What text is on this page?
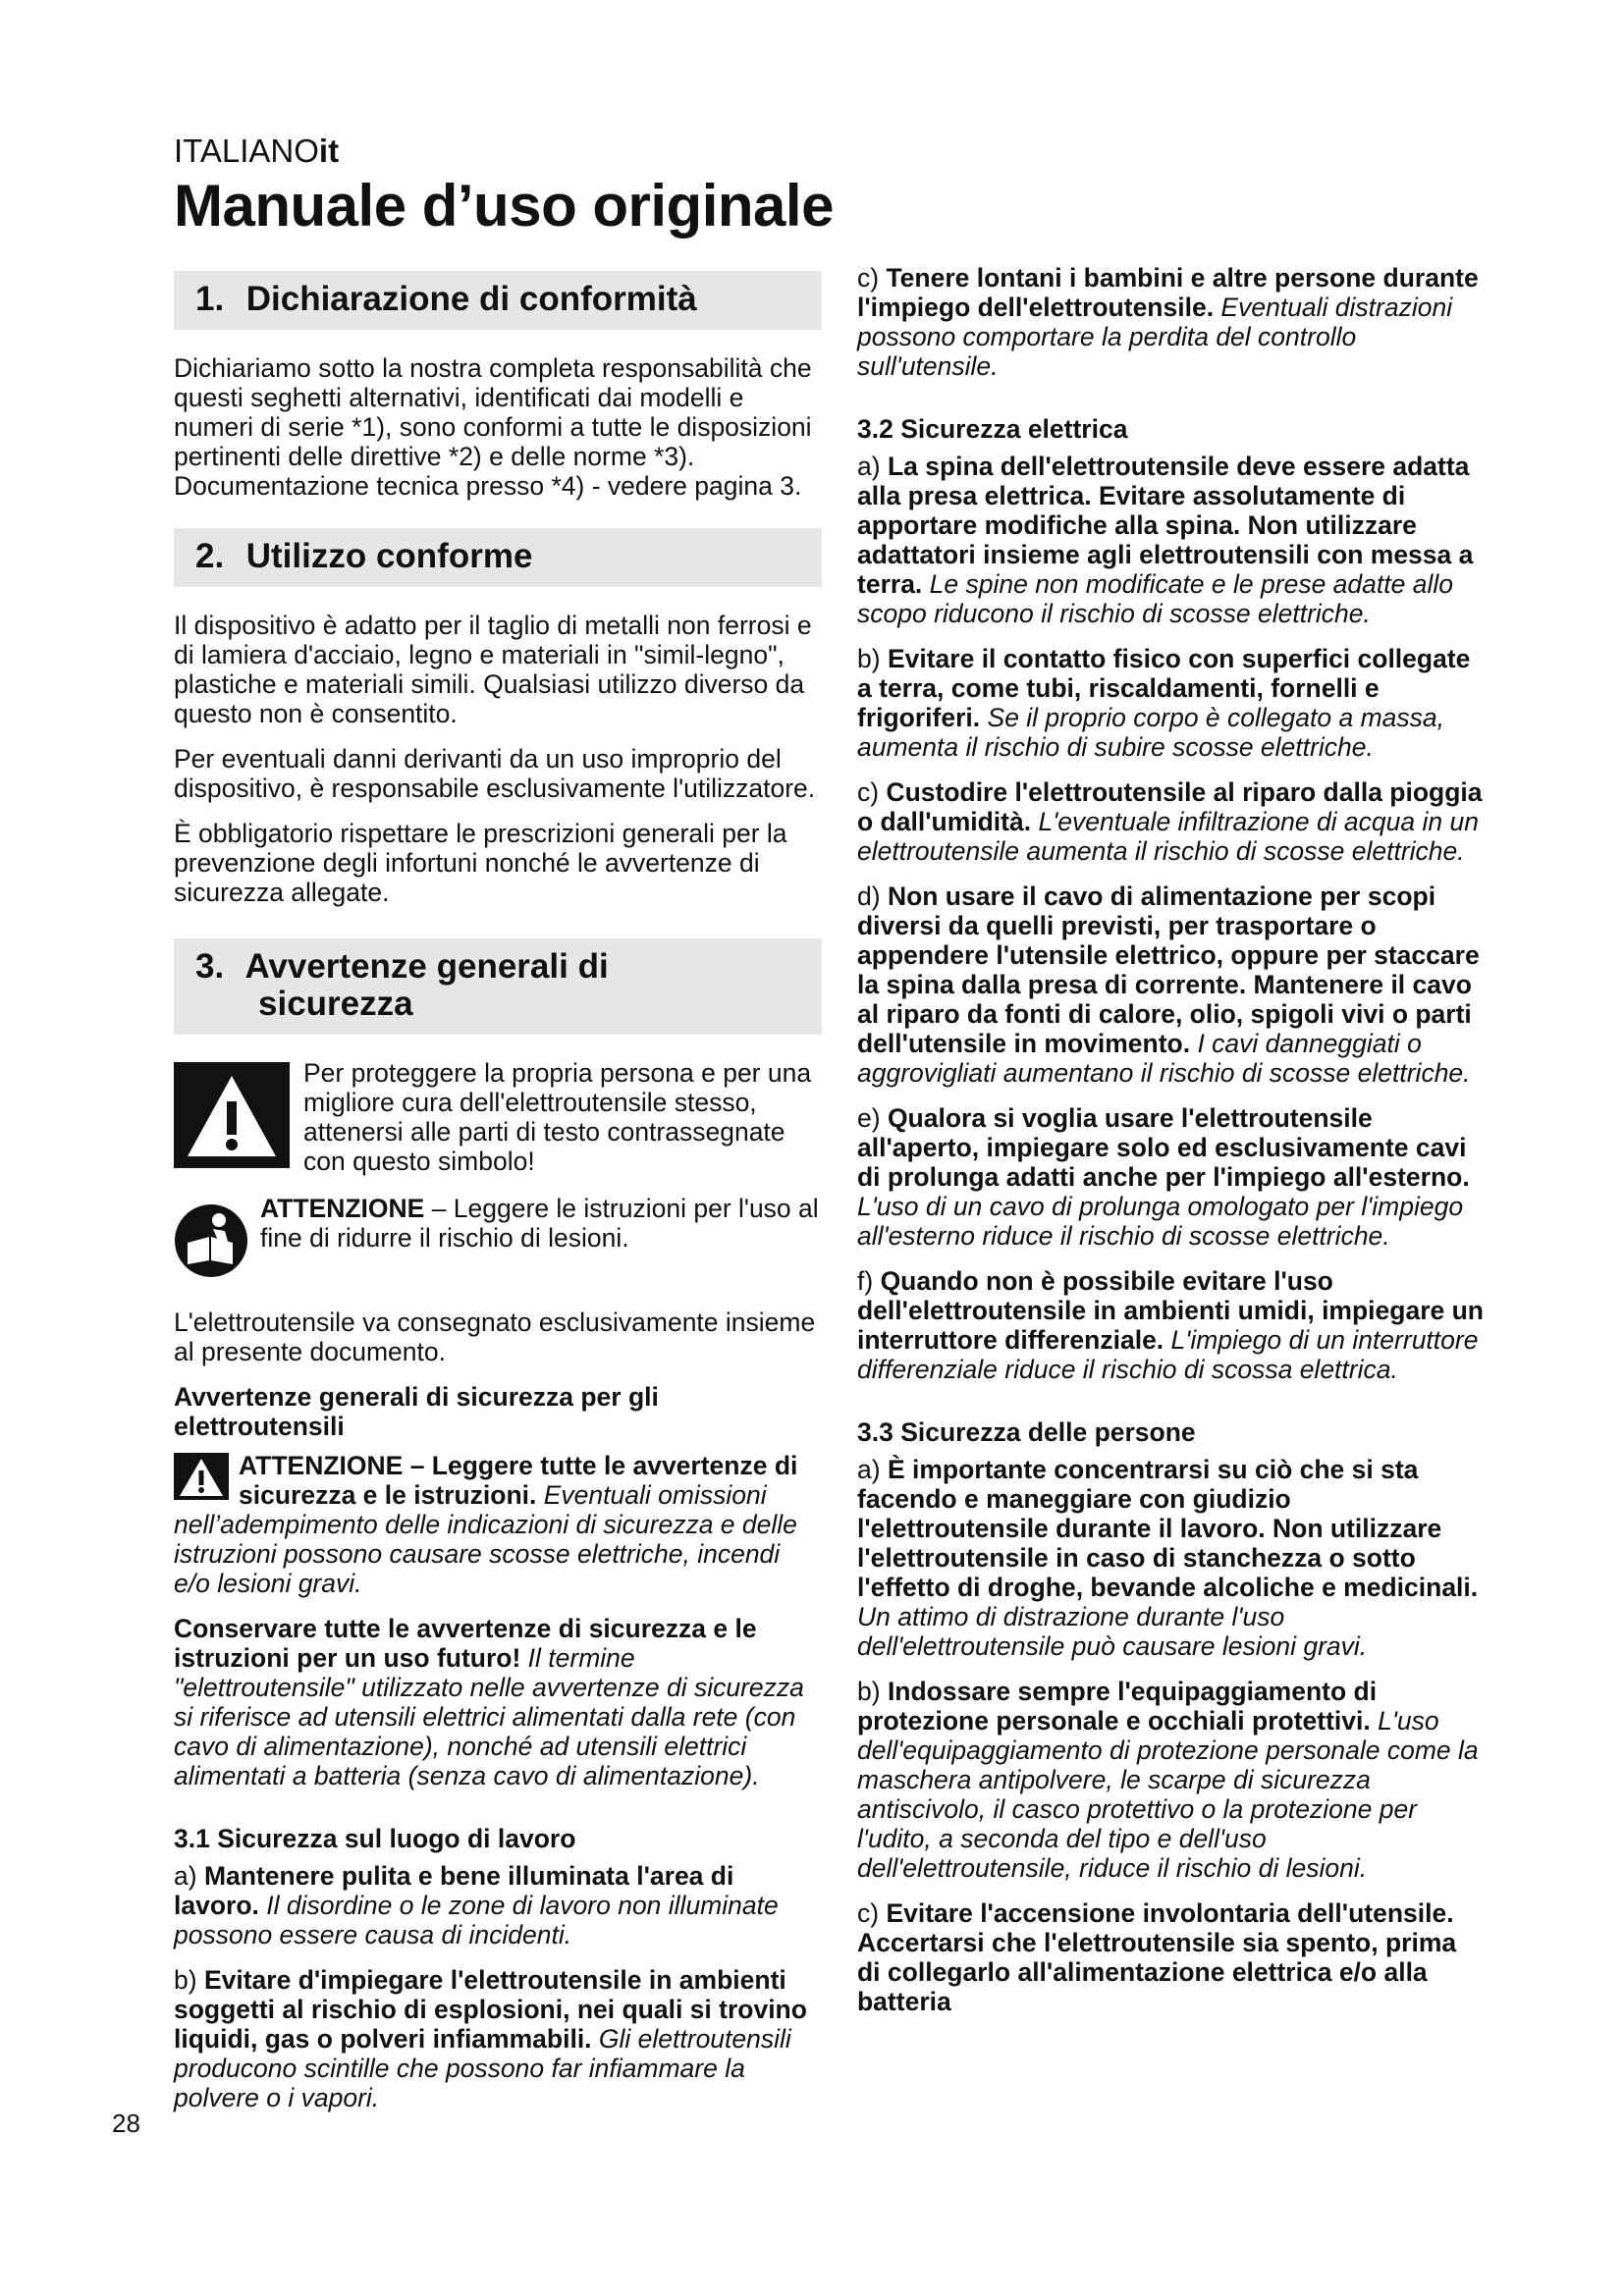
ITALIANOit
Manuale d’uso originale
1. Dichiarazione di conformità

Dichiariamo sotto la nostra completa responsabilità che questi seghetti alternativi, identificati dai modelli e numeri di serie *1), sono conformi a tutte le disposizioni pertinenti delle direttive *2) e delle norme *3). Documentazione tecnica presso *4) - vedere pagina 3.

2. Utilizzo conforme

Il dispositivo è adatto per il taglio di metalli non ferrosi e di lamiera d'acciaio, legno e materiali in "simil-legno", plastiche e materiali simili. Qualsiasi utilizzo diverso da questo non è consentito.

Per eventuali danni derivanti da un uso improprio del dispositivo, è responsabile esclusivamente l'utilizzatore.

È obbligatorio rispettare le prescrizioni generali per la prevenzione degli infortuni nonché le avvertenze di sicurezza allegate.

3. Avvertenze generali di
sicurezza
Per proteggere la propria persona e per una migliore cura dell'elettroutensile stesso, attenersi alle parti di testo contrassegnate con questo simbolo!
ATTENZIONE – Leggere le istruzioni per l'uso al fine di ridurre il rischio di lesioni.

L'elettroutensile va consegnato esclusivamente insieme al presente documento.

Avvertenze generali di sicurezza per gli elettroutensili

ATTENZIONE – Leggere tutte le avvertenze di sicurezza e le istruzioni. Eventuali omissioni nell’adempimento delle indicazioni di sicurezza e delle istruzioni possono causare scosse elettriche, incendi e/o lesioni gravi.

Conservare tutte le avvertenze di sicurezza e le istruzioni per un uso futuro! Il termine "elettroutensile" utilizzato nelle avvertenze di sicurezza si riferisce ad utensili elettrici alimentati dalla rete (con cavo di alimentazione), nonché ad utensili elettrici alimentati a batteria (senza cavo di alimentazione).

3.1 Sicurezza sul luogo di lavoro

a) Mantenere pulita e bene illuminata l'area di lavoro. Il disordine o le zone di lavoro non illuminate possono essere causa di incidenti.

b) Evitare d'impiegare l'elettroutensile in ambienti soggetti al rischio di esplosioni, nei quali si trovino liquidi, gas o polveri infiammabili. Gli elettroutensili producono scintille che possono far infiammare la polvere o i vapori.

c) Tenere lontani i bambini e altre persone durante l'impiego dell'elettroutensile. Eventuali distrazioni possono comportare la perdita del controllo sull'utensile.

3.2 Sicurezza elettrica

a) La spina dell'elettroutensile deve essere adatta alla presa elettrica. Evitare assolutamente di apportare modifiche alla spina. Non utilizzare adattatori insieme agli elettroutensili con messa a terra. Le spine non modificate e le prese adatte allo scopo riducono il rischio di scosse elettriche.

b) Evitare il contatto fisico con superfici collegate a terra, come tubi, riscaldamenti, fornelli e frigoriferi. Se il proprio corpo è collegato a massa, aumenta il rischio di subire scosse elettriche.

c) Custodire l'elettroutensile al riparo dalla pioggia o dall'umidità. L'eventuale infiltrazione di acqua in un elettroutensile aumenta il rischio di scosse elettriche.

d) Non usare il cavo di alimentazione per scopi diversi da quelli previsti, per trasportare o appendere l'utensile elettrico, oppure per staccare la spina dalla presa di corrente. Mantenere il cavo al riparo da fonti di calore, olio, spigoli vivi o parti dell'utensile in movimento. I cavi danneggiati o aggrovigliati aumentano il rischio di scosse elettriche.

e) Qualora si voglia usare l'elettroutensile all'aperto, impiegare solo ed esclusivamente cavi di prolunga adatti anche per l'impiego all'esterno. L'uso di un cavo di prolunga omologato per l'impiego all'esterno riduce il rischio di scosse elettriche.

f) Quando non è possibile evitare l'uso dell'elettroutensile in ambienti umidi, impiegare un interruttore differenziale. L'impiego di un interruttore differenziale riduce il rischio di scossa elettrica.

3.3 Sicurezza delle persone

a) È importante concentrarsi su ciò che si sta facendo e maneggiare con giudizio l'elettroutensile durante il lavoro. Non utilizzare l'elettroutensile in caso di stanchezza o sotto l'effetto di droghe, bevande alcoliche e medicinali. Un attimo di distrazione durante l'uso dell'elettroutensile può causare lesioni gravi.

b) Indossare sempre l'equipaggiamento di protezione personale e occhiali protettivi. L'uso dell'equipaggiamento di protezione personale come la maschera antipolvere, le scarpe di sicurezza antiscivolo, il casco protettivo o la protezione per l'udito, a seconda del tipo e dell'uso dell'elettroutensile, riduce il rischio di lesioni.

c) Evitare l'accensione involontaria dell'utensile. Accertarsi che l'elettroutensile sia spento, prima di collegarlo all'alimentazione elettrica e/o alla batteria

28
